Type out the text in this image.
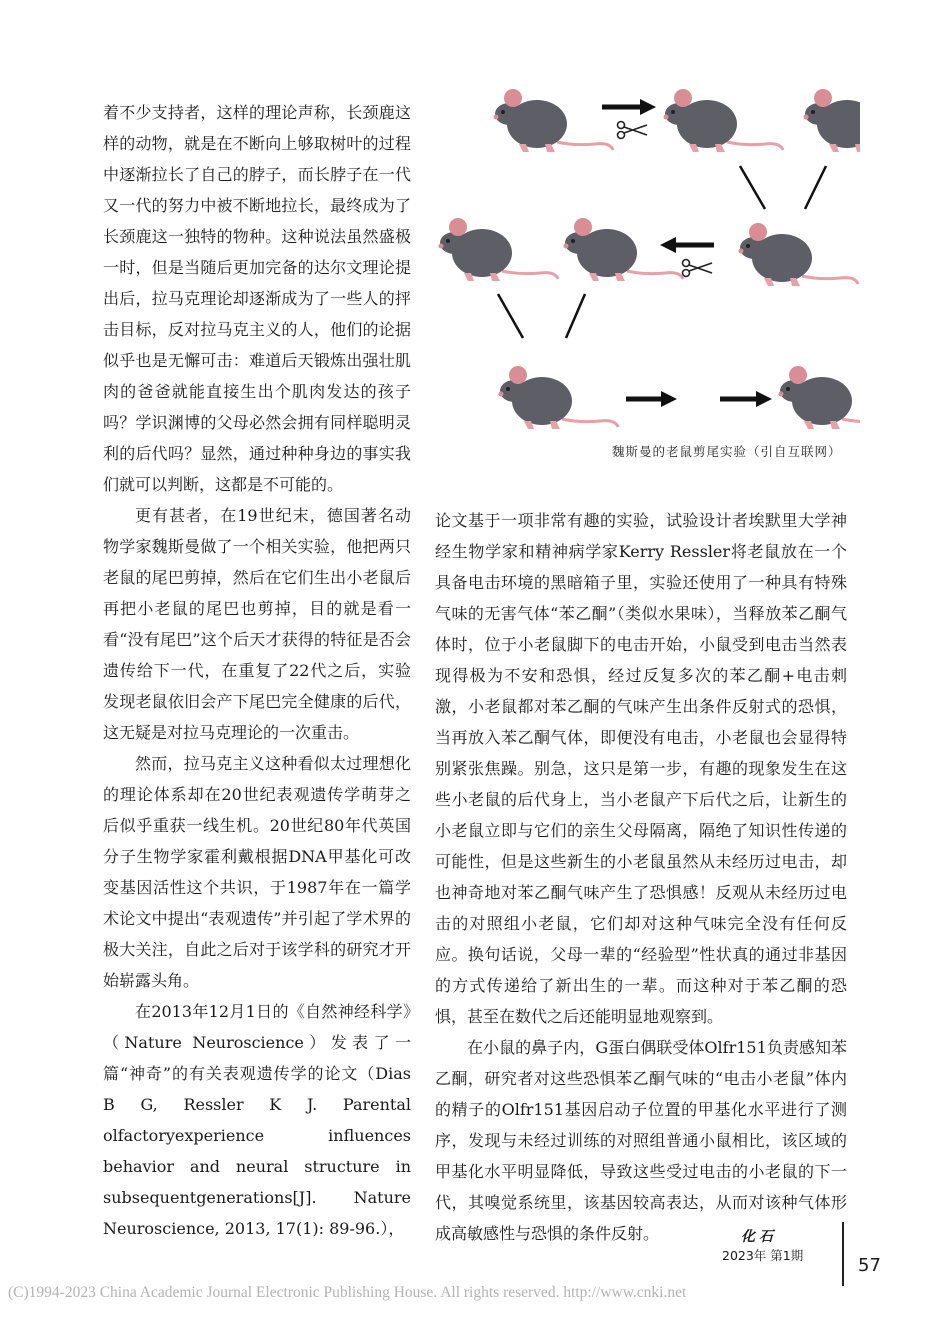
着不少支持者，这样的理论声称，长颈鹿这样的动物，就是在不断向上够取树叶的过程中逐渐拉长了自己的脖子，而长脖子在一代又一代的努力中被不断地拉长，最终成为了长颈鹿这一独特的物种。这种说法虽然盛极一时，但是当随后更加完备的达尔文理论提出后，拉马克理论却逐渐成为了一些人的抨击目标，反对拉马克主义的人，他们的论据似乎也是无懈可击：难道后天锻炼出强壮肌肉的爸爸就能直接生出个肌肉发达的孩子吗？学识渊博的父母必然会拥有同样聪明灵利的后代吗？显然，通过种种身边的事实我们就可以判断，这都是不可能的。

更有甚者，在19世纪末，德国著名动物学家魏斯曼做了一个相关实验，他把两只老鼠的尾巴剪掉，然后在它们生出小老鼠后再把小老鼠的尾巴也剪掉，目的就是看一看“没有尾巴”这个后天才获得的特征是否会遗传给下一代，在重复了22代之后，实验发现老鼠依旧会产下尾巴完全健康的后代，这无疑是对拉马克理论的一次重击。

然而，拉马克主义这种看似太过理想化的理论体系却在20世纪表观遗传学萌芽之后似乎重获一线生机。20世纪80年代英国分子生物学家霍利戴根据DNA甲基化可改变基因活性这个共识，于1987年在一篇学术论文中提出“表观遗传”并引起了学术界的极大关注，自此之后对于该学科的研究才开始崭露头角。

在2013年12月1日的《自然神经科学》（Nature Neuroscience）发表了一篇“神奇”的有关表观遗传学的论文（Dias B G, Ressler K J. Parental olfactoryexperience influences behavior and neural structure in subsequentgenerations[J]. Nature Neuroscience, 2013, 17(1): 89-96.），

魏斯曼的老鼠剪尾实验（引自互联网）

论文基于一项非常有趣的实验，试验设计者埃默里大学神经生物学家和精神病学家Kerry Ressler将老鼠放在一个具备电击环境的黑暗箱子里，实验还使用了一种具有特殊气味的无害气体“苯乙酮”（类似水果味），当释放苯乙酮气体时，位于小老鼠脚下的电击开始，小鼠受到电击当然表现得极为不安和恐惧，经过反复多次的苯乙酮+电击刺激，小老鼠都对苯乙酮的气味产生出条件反射式的恐惧，当再放入苯乙酮气体，即便没有电击，小老鼠也会显得特别紧张焦躁。别急，这只是第一步，有趣的现象发生在这些小老鼠的后代身上，当小老鼠产下后代之后，让新生的小老鼠立即与它们的亲生父母隔离，隔绝了知识性传递的可能性，但是这些新生的小老鼠虽然从未经历过电击，却也神奇地对苯乙酮气味产生了恐惧感！反观从未经历过电击的对照组小老鼠，它们却对这种气味完全没有任何反应。换句话说，父母一辈的“经验型”性状真的通过非基因的方式传递给了新出生的一辈。而这种对于苯乙酮的恐惧，甚至在数代之后还能明显地观察到。

在小鼠的鼻子内，G蛋白偶联受体Olfr151负责感知苯乙酮，研究者对这些恐惧苯乙酮气味的“电击小老鼠”体内的精子的Olfr151基因启动子位置的甲基化水平进行了测序，发现与未经过训练的对照组普通小鼠相比，该区域的甲基化水平明显降低，导致这些受过电击的小老鼠的下一代，其嗅觉系统里，该基因较高表达，从而对该种气体形成高敏感性与恐惧的条件反射。	化石
2023年 第1期	57
(C)1994-2023 China Academic Journal Electronic Publishing House. All rights reserved. http://www.cnki.net
